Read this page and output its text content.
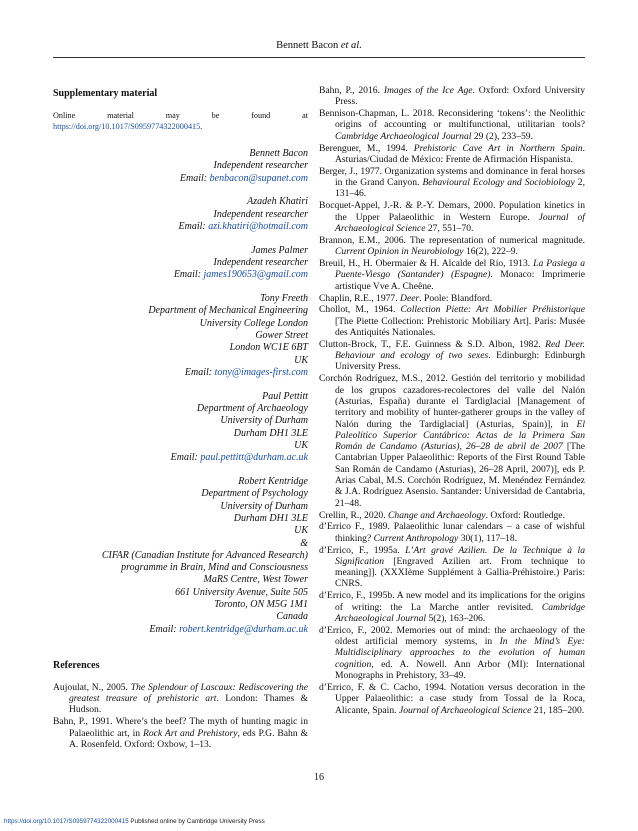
Bennett Bacon et al.
Supplementary material

Online material may be found at https://doi.org/10.1017/S0959774322000415.

Bennett Bacon
Independent researcher
Email: benbacon@supanet.com
Azadeh Khatiri
Independent researcher
Email: azi.khatiri@hotmail.com
James Palmer
Independent researcher
Email: james190653@gmail.com
Tony Freeth
Department of Mechanical Engineering
University College London
Gower Street
London WC1E 6BT
UK
Email: tony@images-first.com
Paul Pettitt
Department of Archaeology
University of Durham
Durham DH1 3LE
UK
Email: paul.pettitt@durham.ac.uk
Robert Kentridge
Department of Psychology
University of Durham
Durham DH1 3LE
UK
&
CIFAR (Canadian Institute for Advanced Research)
programme in Brain, Mind and Consciousness
MaRS Centre, West Tower
661 University Avenue, Suite 505
Toronto, ON M5G 1M1
Canada
Email: robert.kentridge@durham.ac.uk
References

Aujoulat, N., 2005. The Splendour of Lascaux: Rediscovering the greatest treasure of prehistoric art. London: Thames & Hudson.

Bahn, P., 1991. Where’s the beef? The myth of hunting magic in Palaeolithic art, in Rock Art and Prehistory, eds P.G. Bahn & A. Rosenfeld. Oxford: Oxbow, 1–13.

Bahn, P., 2016. Images of the Ice Age. Oxford: Oxford University Press.

Bennison-Chapman, L. 2018. Reconsidering ‘tokens’: the Neolithic origins of accounting or multifunctional, utilitarian tools? Cambridge Archaeological Journal 29 (2), 233–59.

Berenguer, M., 1994. Prehistoric Cave Art in Northern Spain. Asturias/Ciudad de México: Frente de Afirmación Hispanista.

Berger, J., 1977. Organization systems and dominance in feral horses in the Grand Canyon. Behavioural Ecology and Sociobiology 2, 131–46.

Bocquet-Appel, J.-R. & P.-Y. Demars, 2000. Population kinetics in the Upper Palaeolithic in Western Europe. Journal of Archaeological Science 27, 551–70.

Brannon, E.M., 2006. The representation of numerical magnitude. Current Opinion in Neurobiology 16(2), 222–9.

Breuil, H., H. Obermaier & H. Alcalde del Río, 1913. La Pasiega a Puente-Viesgo (Santander) (Espagne). Monaco: Imprimerie artistique Vve A. Cheêne.

Chaplin, R.E., 1977. Deer. Poole: Blandford.

Chollot, M., 1964. Collection Piette: Art Mobilier Préhistorique [The Piette Collection: Prehistoric Mobiliary Art]. Paris: Musée des Antiquités Nationales.

Clutton-Brock, T., F.E. Guinness & S.D. Albon, 1982. Red Deer. Behaviour and ecology of two sexes. Edinburgh: Edinburgh University Press.

Corchón Rodríguez, M.S., 2012. Gestión del territorio y mobilidad de los grupos cazadores-recolectores del valle del Nalón (Asturias, España) durante el Tardiglacial [Management of territory and mobility of hunter-gatherer groups in the valley of Nalón during the Tardiglacial] (Asturias, Spain)], in El Paleolítico Superior Cantábrico: Actas de la Primera San Román de Candamo (Asturias), 26–28 de abril de 2007 [The Cantabrian Upper Palaeolithic: Reports of the First Round Table San Román de Candamo (Asturias), 26–28 April, 2007)], eds P. Arias Cabal, M.S. Corchón Rodríguez, M. Menéndez Fernández & J.A. Rodríguez Asensio. Santander: Universidad de Cantabria, 21–48.

Crellin, R., 2020. Change and Archaeology. Oxford: Routledge.

d’Errico F., 1989. Palaeolithic lunar calendars – a case of wishful thinking? Current Anthropology 30(1), 117–18.

d’Errico, F., 1995a. L’Art gravé Azilien. De la Technique à la Signification [Engraved Azilien art. From technique to meaning]]. (XXXIème Supplément à Gallia-Préhistoire.) Paris: CNRS.

d’Errico, F., 1995b. A new model and its implications for the origins of writing: the La Marche antler revisited. Cambridge Archaeological Journal 5(2), 163–206.

d’Errico, F., 2002. Memories out of mind: the archaeology of the oldest artificial memory systems, in In the Mind’s Eye: Multidisciplinary approaches to the evolution of human cognition, ed. A. Nowell. Ann Arbor (MI): International Monographs in Prehistory, 33–49.

d’Errico, F. & C. Cacho, 1994. Notation versus decoration in the Upper Palaeolithic: a case study from Tossal de la Roca, Alicante, Spain. Journal of Archaeological Science 21, 185–200.

16
https://doi.org/10.1017/S0959774322000415 Published online by Cambridge University Press
